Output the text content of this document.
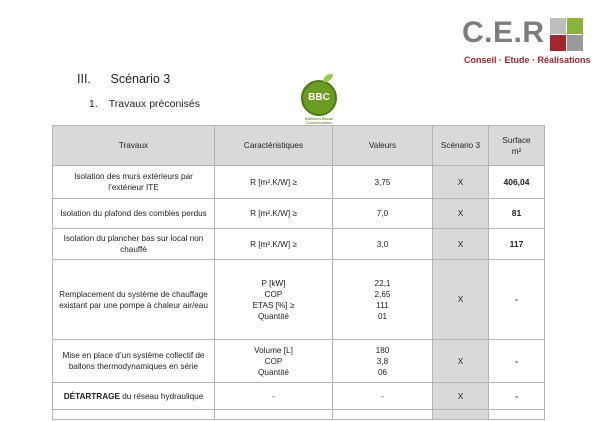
C.E.R
Conseil · Etude · Réalisations
III. Scénario 3
1. Travaux préconisés
BBC
Bâtiment Basse Consommation
Travaux	Caractéristiques	Valeurs	Scénario 3	Surface
m²
Isolation des murs extérieurs par l’extérieur ITE	R [m².K/W] ≥	3,75	X	406,04
Isolation du plafond des combles perdus	R [m².K/W] ≥	7,0	X	81
Isolation du plancher bas sur local non chauffé	R [m².K/W] ≥	3,0	X	117
Remplacement du système de chauffage existant par une pompe à chaleur air/eau	P [kW]
COP
ETAS [%] ≥
Quantité	22,1
2,65
111
01	X	-
Mise en place d’un système collectif de ballons thermodynamiques en série	Volume [L]
COP
Quantité	180
3,8
06	X	-
DÉTARTRAGE du réseau hydraulique	-	-	X	-
